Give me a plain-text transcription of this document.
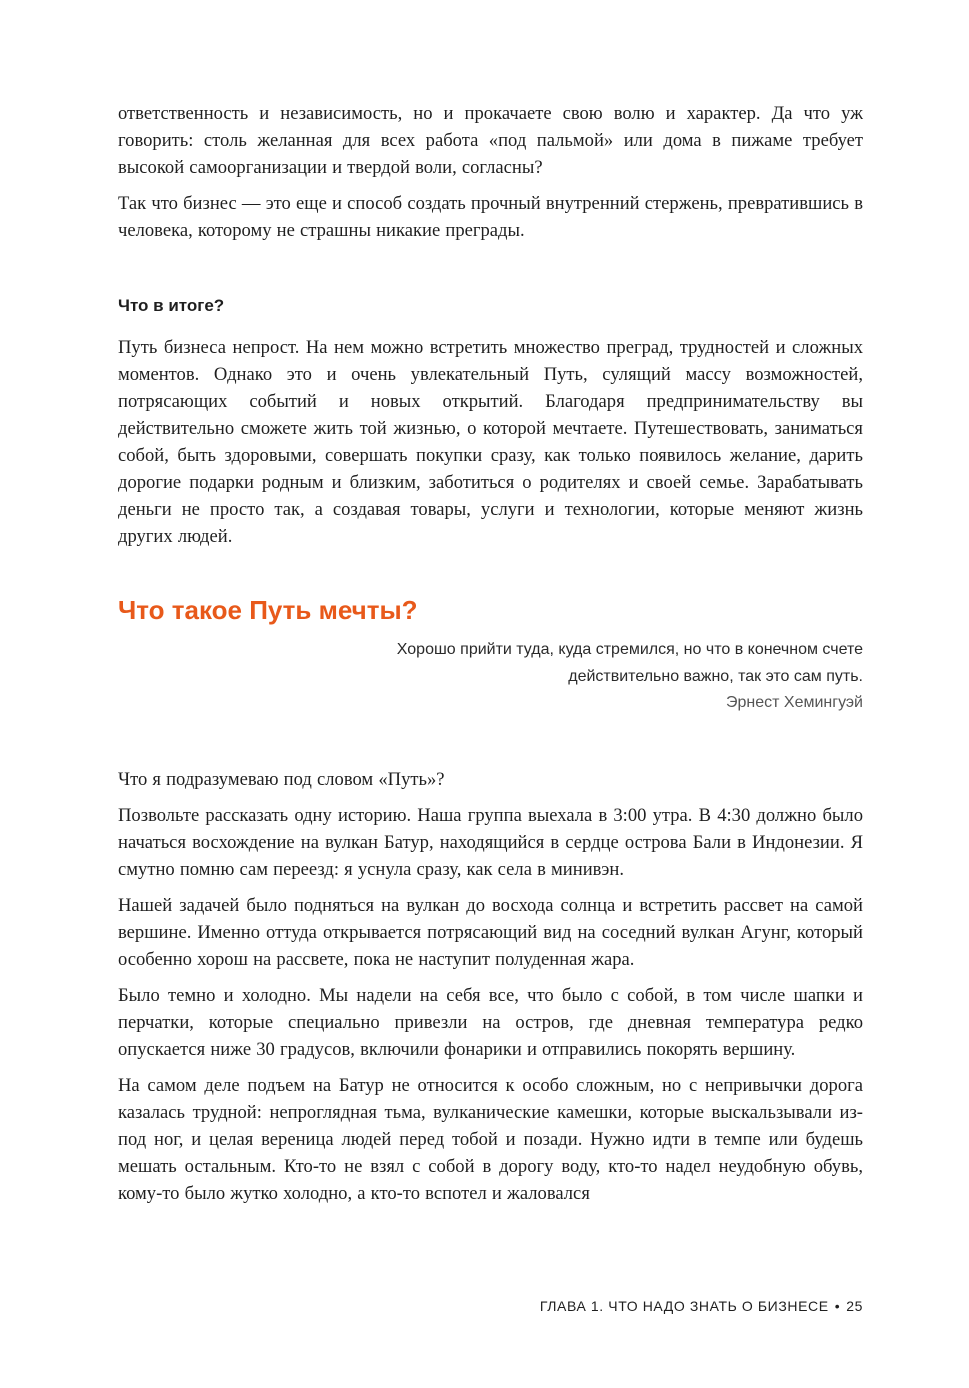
ответственность и независимость, но и прокачаете свою волю и характер. Да что уж говорить: столь желанная для всех работа «под пальмой» или дома в пижаме требует высокой самоорганизации и твердой воли, согласны?

Так что бизнес — это еще и способ создать прочный внутренний стержень, превратившись в человека, которому не страшны никакие преграды.

Что в итоге?

Путь бизнеса непрост. На нем можно встретить множество преград, трудностей и сложных моментов. Однако это и очень увлекательный Путь, сулящий массу возможностей, потрясающих событий и новых открытий. Благодаря предпринимательству вы действительно сможете жить той жизнью, о которой мечтаете. Путешествовать, заниматься собой, быть здоровыми, совершать покупки сразу, как только появилось желание, дарить дорогие подарки родным и близким, заботиться о родителях и своей семье. Зарабатывать деньги не просто так, а создавая товары, услуги и технологии, которые меняют жизнь других людей.

Что такое Путь мечты?

Хорошо прийти туда, куда стремился, но что в конечном счете

действительно важно, так это сам путь.

Эрнест Хемингуэй

Что я подразумеваю под словом «Путь»?

Позвольте рассказать одну историю. Наша группа выехала в 3:00 утра. В 4:30 должно было начаться восхождение на вулкан Батур, находящийся в сердце острова Бали в Индонезии. Я смутно помню сам переезд: я уснула сразу, как села в минивэн.

Нашей задачей было подняться на вулкан до восхода солнца и встретить рассвет на самой вершине. Именно оттуда открывается потрясающий вид на соседний вулкан Агунг, который особенно хорош на рассвете, пока не наступит полуденная жара.

Было темно и холодно. Мы надели на себя все, что было с собой, в том числе шапки и перчатки, которые специально привезли на остров, где дневная температура редко опускается ниже 30 градусов, включили фонарики и отправились покорять вершину.

На самом деле подъем на Батур не относится к особо сложным, но с непривычки дорога казалась трудной: непроглядная тьма, вулканические камешки, которые выскальзывали из-под ног, и целая вереница людей перед тобой и позади. Нужно идти в темпе или будешь мешать остальным. Кто-то не взял с собой в дорогу воду, кто-то надел неудобную обувь, кому-то было жутко холодно, а кто-то вспотел и жаловался

ГЛАВА 1. ЧТО НАДО ЗНАТЬ О БИЗНЕСЕ • 25
